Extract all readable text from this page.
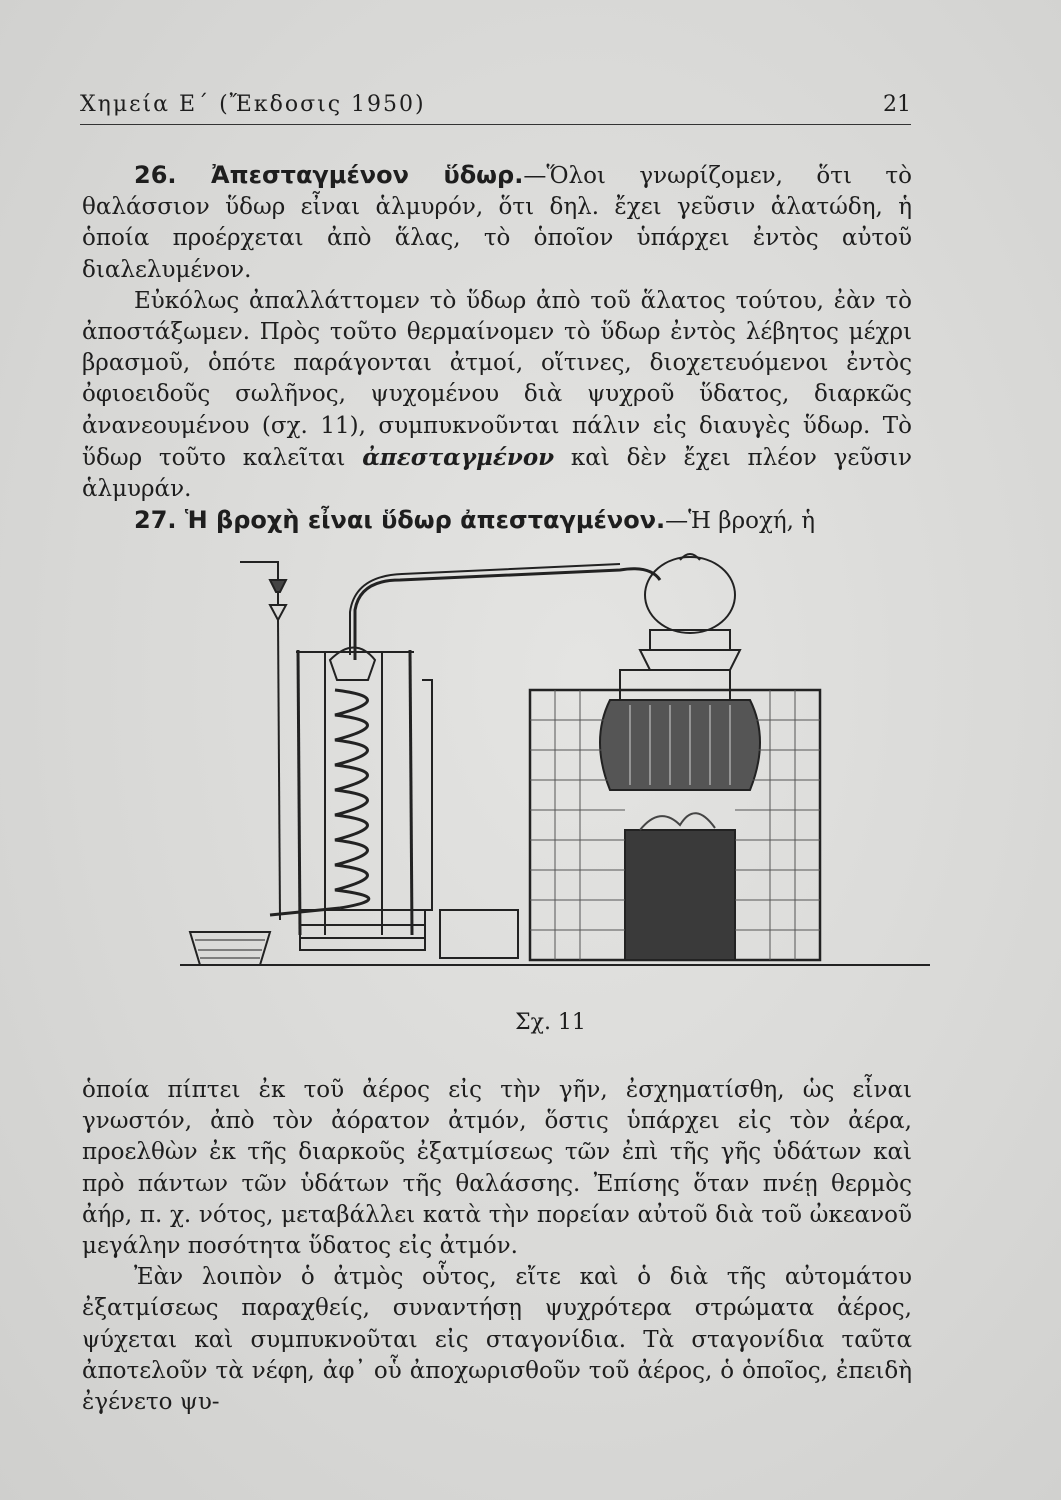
Χημεία Ε΄ (Ἔκδοσις 1950)	21

26. Ἀπεσταγμένον ὕδωρ.—Ὅλοι γνωρίζομεν, ὅτι τὸ θαλάσσιον ὕδωρ εἶναι ἁλμυρόν, ὅτι δηλ. ἔχει γεῦσιν ἁλατώδη, ἡ ὁποία προέρχεται ἀπὸ ἅλας, τὸ ὁποῖον ὑπάρχει ἐντὸς αὐτοῦ διαλελυμένον.

Εὐκόλως ἀπαλλάττομεν τὸ ὕδωρ ἀπὸ τοῦ ἅλατος τούτου, ἐὰν τὸ ἀποστάξωμεν. Πρὸς τοῦτο θερμαίνομεν τὸ ὕδωρ ἐντὸς λέβητος μέχρι βρασμοῦ, ὁπότε παράγονται ἀτμοί, οἵτινες, διοχετευόμενοι ἐντὸς ὀφιοειδοῦς σωλῆνος, ψυχομένου διὰ ψυχροῦ ὕδατος, διαρκῶς ἀνανεουμένου (σχ. 11), συμπυκνοῦνται πάλιν εἰς διαυγὲς ὕδωρ. Τὸ ὕδωρ τοῦτο καλεῖται ἀπεσταγμένον καὶ δὲν ἔχει πλέον γεῦσιν ἁλμυράν.

27. Ἡ βροχὴ εἶναι ὕδωρ ἀπεσταγμένον.—Ἡ βροχή, ἡ

Σχ. 11

ὁποία πίπτει ἐκ τοῦ ἀέρος εἰς τὴν γῆν, ἐσχηματίσθη, ὡς εἶναι γνωστόν, ἀπὸ τὸν ἀόρατον ἀτμόν, ὅστις ὑπάρχει εἰς τὸν ἀέρα, προελθὼν ἐκ τῆς διαρκοῦς ἐξατμίσεως τῶν ἐπὶ τῆς γῆς ὑδάτων καὶ πρὸ πάντων τῶν ὑδάτων τῆς θαλάσσης. Ἐπίσης ὅταν πνέῃ θερμὸς ἀήρ, π. χ. νότος, μεταβάλλει κατὰ τὴν πορείαν αὐτοῦ διὰ τοῦ ὠκεανοῦ μεγάλην ποσότητα ὕδατος εἰς ἀτμόν.

Ἐὰν λοιπὸν ὁ ἀτμὸς οὗτος, εἴτε καὶ ὁ διὰ τῆς αὐτομάτου ἐξατμίσεως παραχθείς, συναντήσῃ ψυχρότερα στρώματα ἀέρος, ψύχεται καὶ συμπυκνοῦται εἰς σταγονίδια. Τὰ σταγονίδια ταῦτα ἀποτελοῦν τὰ νέφη, ἀφ᾽ οὗ ἀποχωρισθοῦν τοῦ ἀέρος, ὁ ὁποῖος, ἐπειδὴ ἐγένετο ψυ-
